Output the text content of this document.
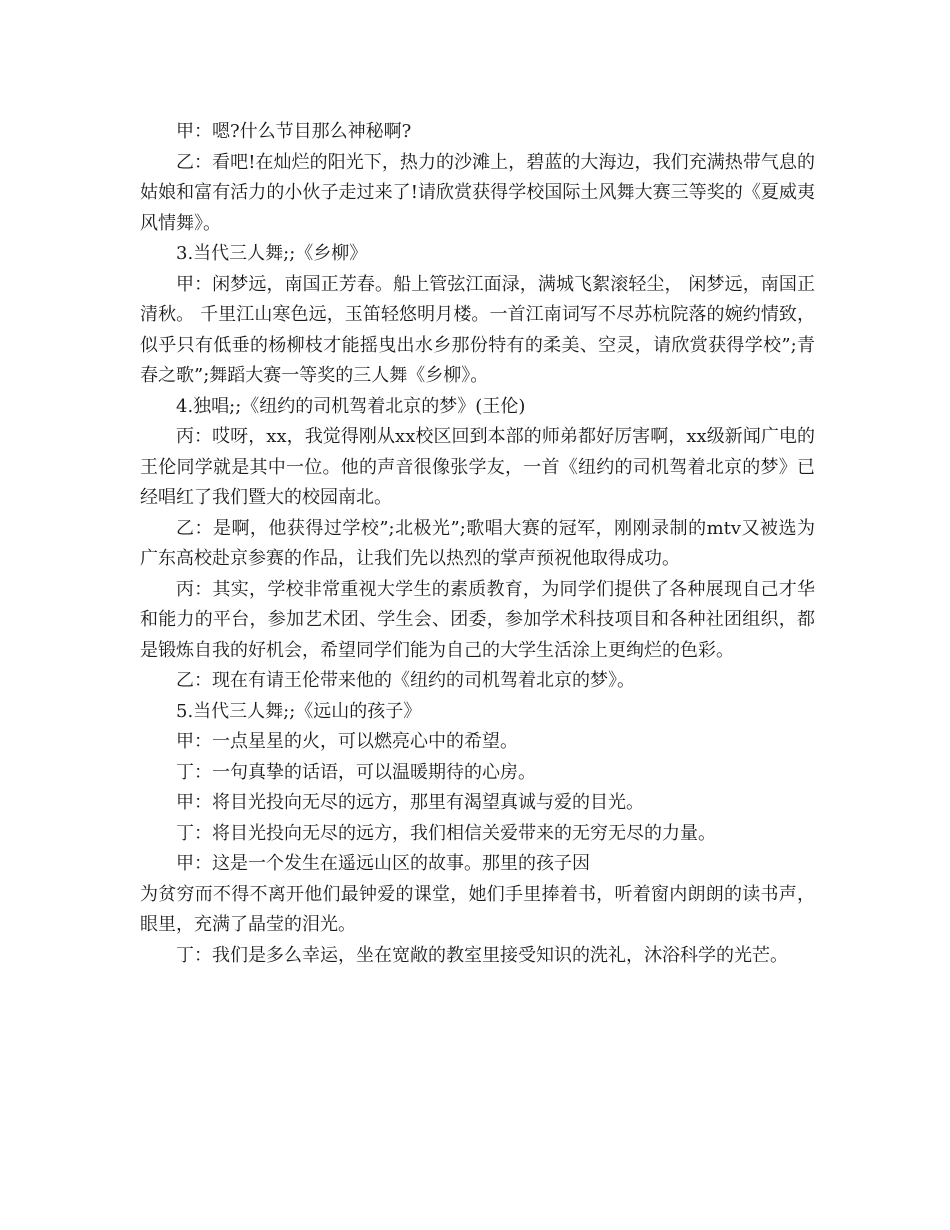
甲：嗯?什么节目那么神秘啊?

乙：看吧!在灿烂的阳光下，热力的沙滩上，碧蓝的大海边，我们充满热带气息的姑娘和富有活力的小伙子走过来了!请欣赏获得学校国际土风舞大赛三等奖的《夏威夷风情舞》。

3.当代三人舞;;《乡柳》

甲：闲梦远，南国正芳春。船上管弦江面渌，满城飞絮滚轻尘， 闲梦远，南国正清秋。 千里江山寒色远，玉笛轻悠明月楼。一首江南词写不尽苏杭院落的婉约情致，似乎只有低垂的杨柳枝才能摇曳出水乡那份特有的柔美、空灵，请欣赏获得学校”;青春之歌”;舞蹈大赛一等奖的三人舞《乡柳》。

4.独唱;;《纽约的司机驾着北京的梦》(王伦)

丙：哎呀，xx，我觉得刚从xx校区回到本部的师弟都好厉害啊，xx级新闻广电的王伦同学就是其中一位。他的声音很像张学友，一首《纽约的司机驾着北京的梦》已经唱红了我们暨大的校园南北。

乙：是啊，他获得过学校”;北极光”;歌唱大赛的冠军，刚刚录制的mtv又被选为广东高校赴京参赛的作品，让我们先以热烈的掌声预祝他取得成功。

丙：其实，学校非常重视大学生的素质教育，为同学们提供了各种展现自己才华和能力的平台，参加艺术团、学生会、团委，参加学术科技项目和各种社团组织，都是锻炼自我的好机会，希望同学们能为自己的大学生活涂上更绚烂的色彩。

乙：现在有请王伦带来他的《纽约的司机驾着北京的梦》。

5.当代三人舞;;《远山的孩子》

甲：一点星星的火，可以燃亮心中的希望。

丁：一句真挚的话语，可以温暖期待的心房。

甲：将目光投向无尽的远方，那里有渴望真诚与爱的目光。

丁：将目光投向无尽的远方，我们相信关爱带来的无穷无尽的力量。

甲：这是一个发生在遥远山区的故事。那里的孩子因

为贫穷而不得不离开他们最钟爱的课堂，她们手里捧着书，听着窗内朗朗的读书声，眼里，充满了晶莹的泪光。

丁：我们是多么幸运，坐在宽敞的教室里接受知识的洗礼，沐浴科学的光芒。
